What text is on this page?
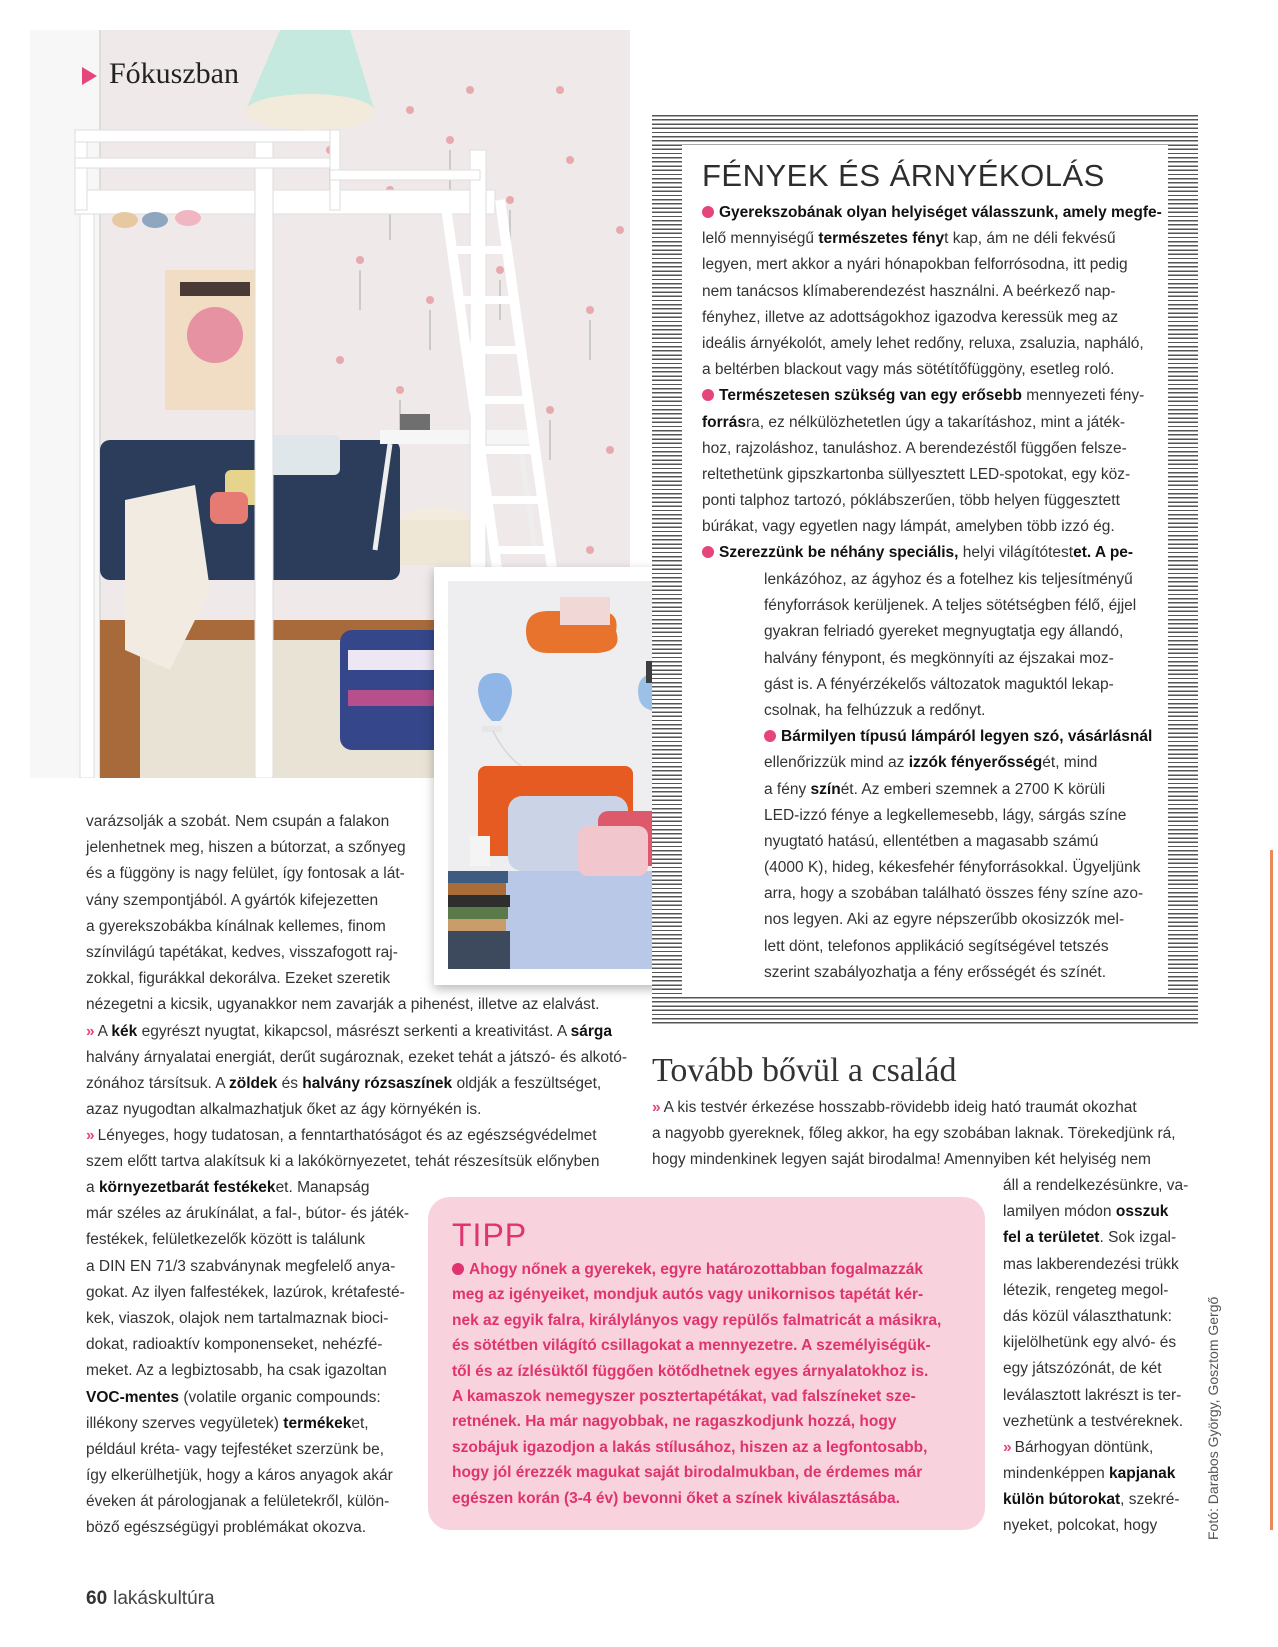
Fókuszban
FÉNYEK ÉS ÁRNYÉKOLÁS
Gyerekszobának olyan helyiséget válasszunk, amely megfe-
lelő mennyiségű természetes fényt kap, ám ne déli fekvésű
legyen, mert akkor a nyári hónapokban felforrósodna, itt pedig
nem tanácsos klímaberendezést használni. A beérkező nap-
fényhez, illetve az adottságokhoz igazodva keressük meg az
ideális árnyékolót, amely lehet redőny, reluxa, zsaluzia, napháló,
a beltérben blackout vagy más sötétítőfüggöny, esetleg roló.
Természetesen szükség van egy erősebb mennyezeti fény-
forrásra, ez nélkülözhetetlen úgy a takarításhoz, mint a játék-
hoz, rajzoláshoz, tanuláshoz. A berendezéstől függően felsze-
reltethetünk gipszkartonba süllyesztett LED-spotokat, egy köz-
ponti talphoz tartozó, póklábszerűen, több helyen függesztett
búrákat, vagy egyetlen nagy lámpát, amelyben több izzó ég.
Szerezzünk be néhány speciális, helyi világítótestet. A pe-
lenkázóhoz, az ágyhoz és a fotelhez kis teljesítményű
fényforrások kerüljenek. A teljes sötétségben félő, éjjel
gyakran felriadó gyereket megnyugtatja egy állandó,
halvány fénypont, és megkönnyíti az éjszakai moz-
gást is. A fényérzékelős változatok maguktól lekap-
csolnak, ha felhúzzuk a redőnyt.
Bármilyen típusú lámpáról legyen szó, vásárlásnál
ellenőrizzük mind az izzók fényerősségét, mind
a fény színét. Az emberi szemnek a 2700 K körüli
LED-izzó fénye a legkellemesebb, lágy, sárgás színe
nyugtató hatású, ellentétben a magasabb számú
(4000 K), hideg, kékesfehér fényforrásokkal. Ügyeljünk
arra, hogy a szobában található összes fény színe azo-
nos legyen. Aki az egyre népszerűbb okosizzók mel-
lett dönt, telefonos applikáció segítségével tetszés
szerint szabályozhatja a fény erősségét és színét.
varázsolják a szobát. Nem csupán a falakon
jelenhetnek meg, hiszen a bútorzat, a szőnyeg
és a függöny is nagy felület, így fontosak a lát-
vány szempontjából. A gyártók kifejezetten
a gyerekszobákba kínálnak kellemes, finom
színvilágú tapétákat, kedves, visszafogott raj-
zokkal, figurákkal dekorálva. Ezeket szeretik
nézegetni a kicsik, ugyanakkor nem zavarják a pihenést, illetve az elalvást.
» A kék egyrészt nyugtat, kikapcsol, másrészt serkenti a kreativitást. A sárga
halvány árnyalatai energiát, derűt sugároznak, ezeket tehát a játszó- és alkotó-
zónához társítsuk. A zöldek és halvány rózsaszínek oldják a feszültséget,
azaz nyugodtan alkalmazhatjuk őket az ágy környékén is.
» Lényeges, hogy tudatosan, a fenntarthatóságot és az egészségvédelmet
szem előtt tartva alakítsuk ki a lakókörnyezetet, tehát részesítsük előnyben
a környezetbarát festékeket. Manapság
már széles az árukínálat, a fal-, bútor- és játék-
festékek, felületkezelők között is találunk
a DIN EN 71/3 szabványnak megfelelő anya-
gokat. Az ilyen falfestékek, lazúrok, krétafesté-
kek, viaszok, olajok nem tartalmaznak bioci-
dokat, radioaktív komponenseket, nehézfé-
meket. Az a legbiztosabb, ha csak igazoltan
VOC-mentes (volatile organic compounds:
illékony szerves vegyületek) termékeket,
például kréta- vagy tejfestéket szerzünk be,
így elkerülhetjük, hogy a káros anyagok akár
éveken át párologjanak a felületekről, külön-
böző egészségügyi problémákat okozva.
Tovább bővül a család
» A kis testvér érkezése hosszabb-rövidebb ideig ható traumát okozhat
a nagyobb gyereknek, főleg akkor, ha egy szobában laknak. Törekedjünk rá,
hogy mindenkinek legyen saját birodalma! Amennyiben két helyiség nem
áll a rendelkezésünkre, va-
lamilyen módon osszuk
fel a területet. Sok izgal-
mas lakberendezési trükk
létezik, rengeteg megol-
dás közül választhatunk:
kijelölhetünk egy alvó- és
egy játszózónát, de két
leválasztott lakrészt is ter-
vezhetünk a testvéreknek.
» Bárhogyan döntünk,
mindenképpen kapjanak
külön bútorokat, szekré-
nyeket, polcokat, hogy
TIPP
Ahogy nőnek a gyerekek, egyre határozottabban fogalmazzák
meg az igényeiket, mondjuk autós vagy unikornisos tapétát kér-
nek az egyik falra, királylányos vagy repülős falmatricát a másikra,
és sötétben világító csillagokat a mennyezetre. A személyiségük-
től és az ízlésüktől függően kötődhetnek egyes árnyalatokhoz is.
A kamaszok nemegyszer posztertapétákat, vad falszíneket sze-
retnének. Ha már nagyobbak, ne ragaszkodjunk hozzá, hogy
szobájuk igazodjon a lakás stílusához, hiszen az a legfontosabb,
hogy jól érezzék magukat saját birodalmukban, de érdemes már
egészen korán (3-4 év) bevonni őket a színek kiválasztásába.	Fotó: Darabos György, Gosztom Gergő
60 lakáskultúra
